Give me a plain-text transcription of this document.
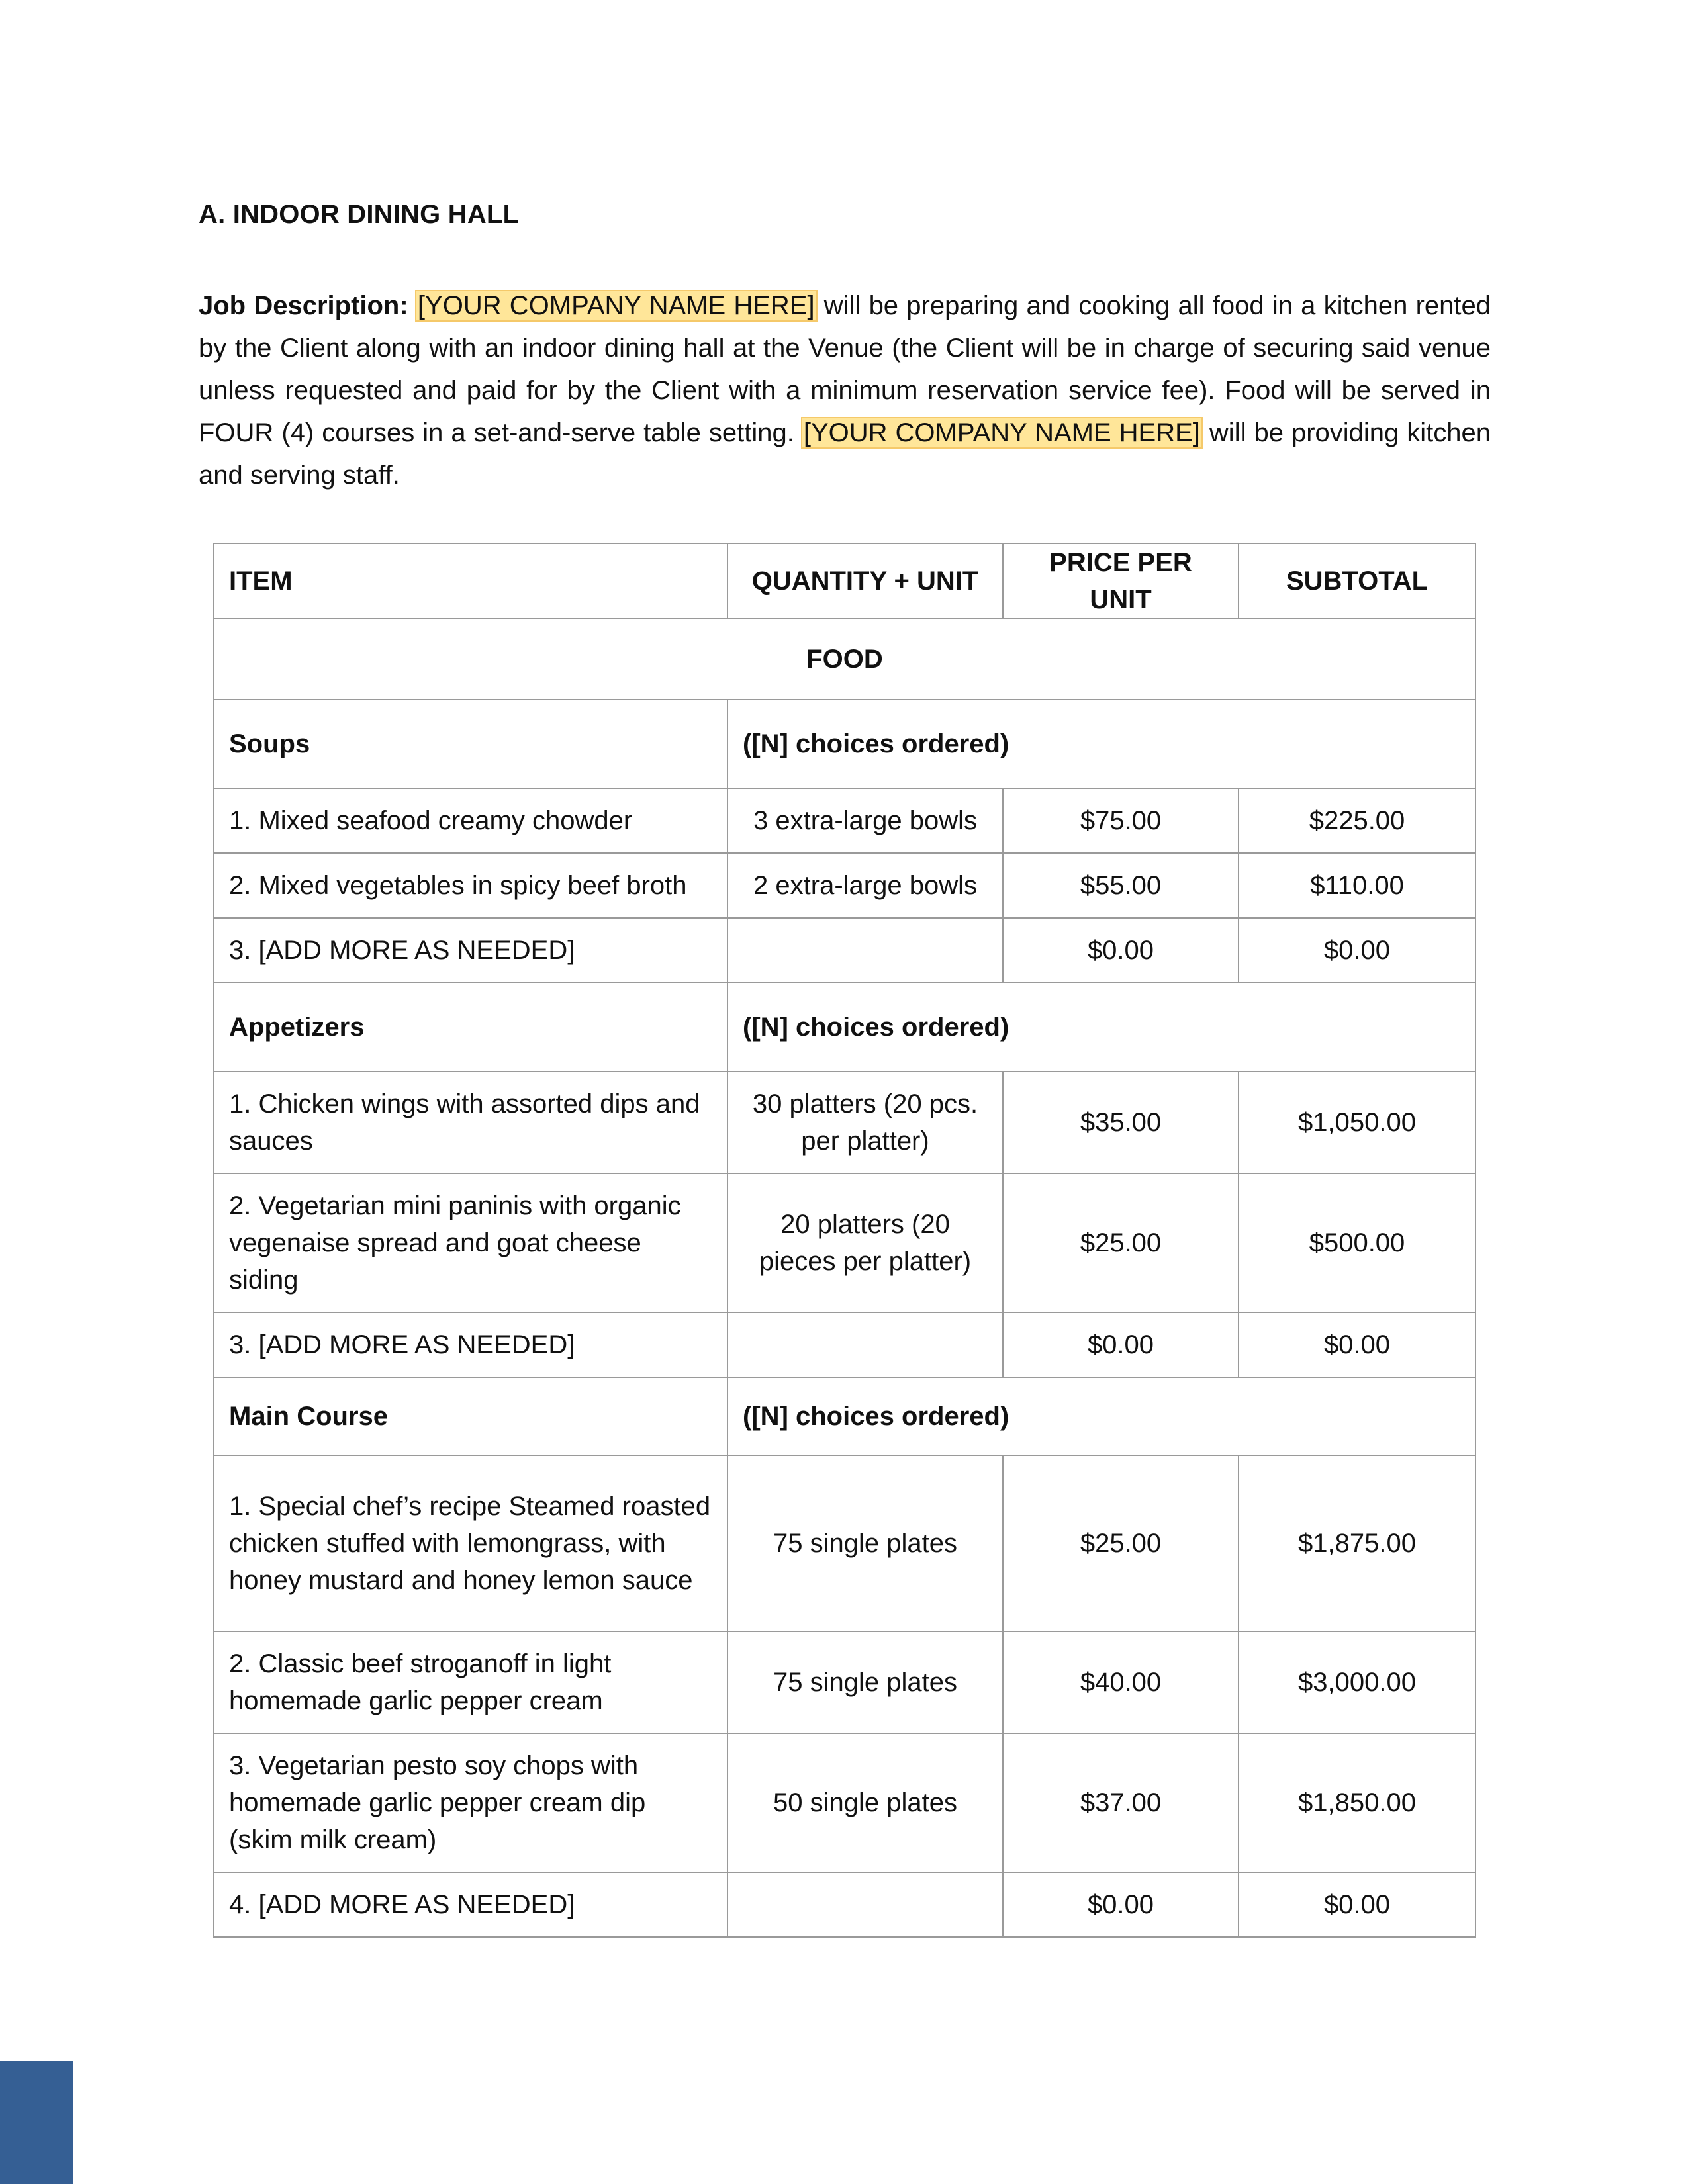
A. INDOOR DINING HALL

Job Description: [YOUR COMPANY NAME HERE] will be preparing and cooking all food in a kitchen rented by the Client along with an indoor dining hall at the Venue (the Client will be in charge of securing said venue unless requested and paid for by the Client with a minimum reservation service fee). Food will be served in FOUR (4) courses in a set-and-serve table setting. [YOUR COMPANY NAME HERE] will be providing kitchen and serving staff.

ITEM	QUANTITY + UNIT	PRICE PER UNIT	SUBTOTAL
FOOD			
Soups	([N] choices ordered)		
1. Mixed seafood creamy chowder	3 extra-large bowls	$75.00	$225.00
2. Mixed vegetables in spicy beef broth	2 extra-large bowls	$55.00	$110.00
3. [ADD MORE AS NEEDED]		$0.00	$0.00
Appetizers	([N] choices ordered)		
1. Chicken wings with assorted dips and sauces	30 platters (20 pcs. per platter)	$35.00	$1,050.00
2. Vegetarian mini paninis with organic vegenaise spread and goat cheese siding	20 platters (20 pieces per platter)	$25.00	$500.00
3. [ADD MORE AS NEEDED]		$0.00	$0.00
Main Course	([N] choices ordered)		
1. Special chef’s recipe Steamed roasted chicken stuffed with lemongrass, with honey mustard and honey lemon sauce	75 single plates	$25.00	$1,875.00
2. Classic beef stroganoff in light homemade garlic pepper cream	75 single plates	$40.00	$3,000.00
3. Vegetarian pesto soy chops with homemade garlic pepper cream dip (skim milk cream)	50 single plates	$37.00	$1,850.00
4. [ADD MORE AS NEEDED]		$0.00	$0.00
